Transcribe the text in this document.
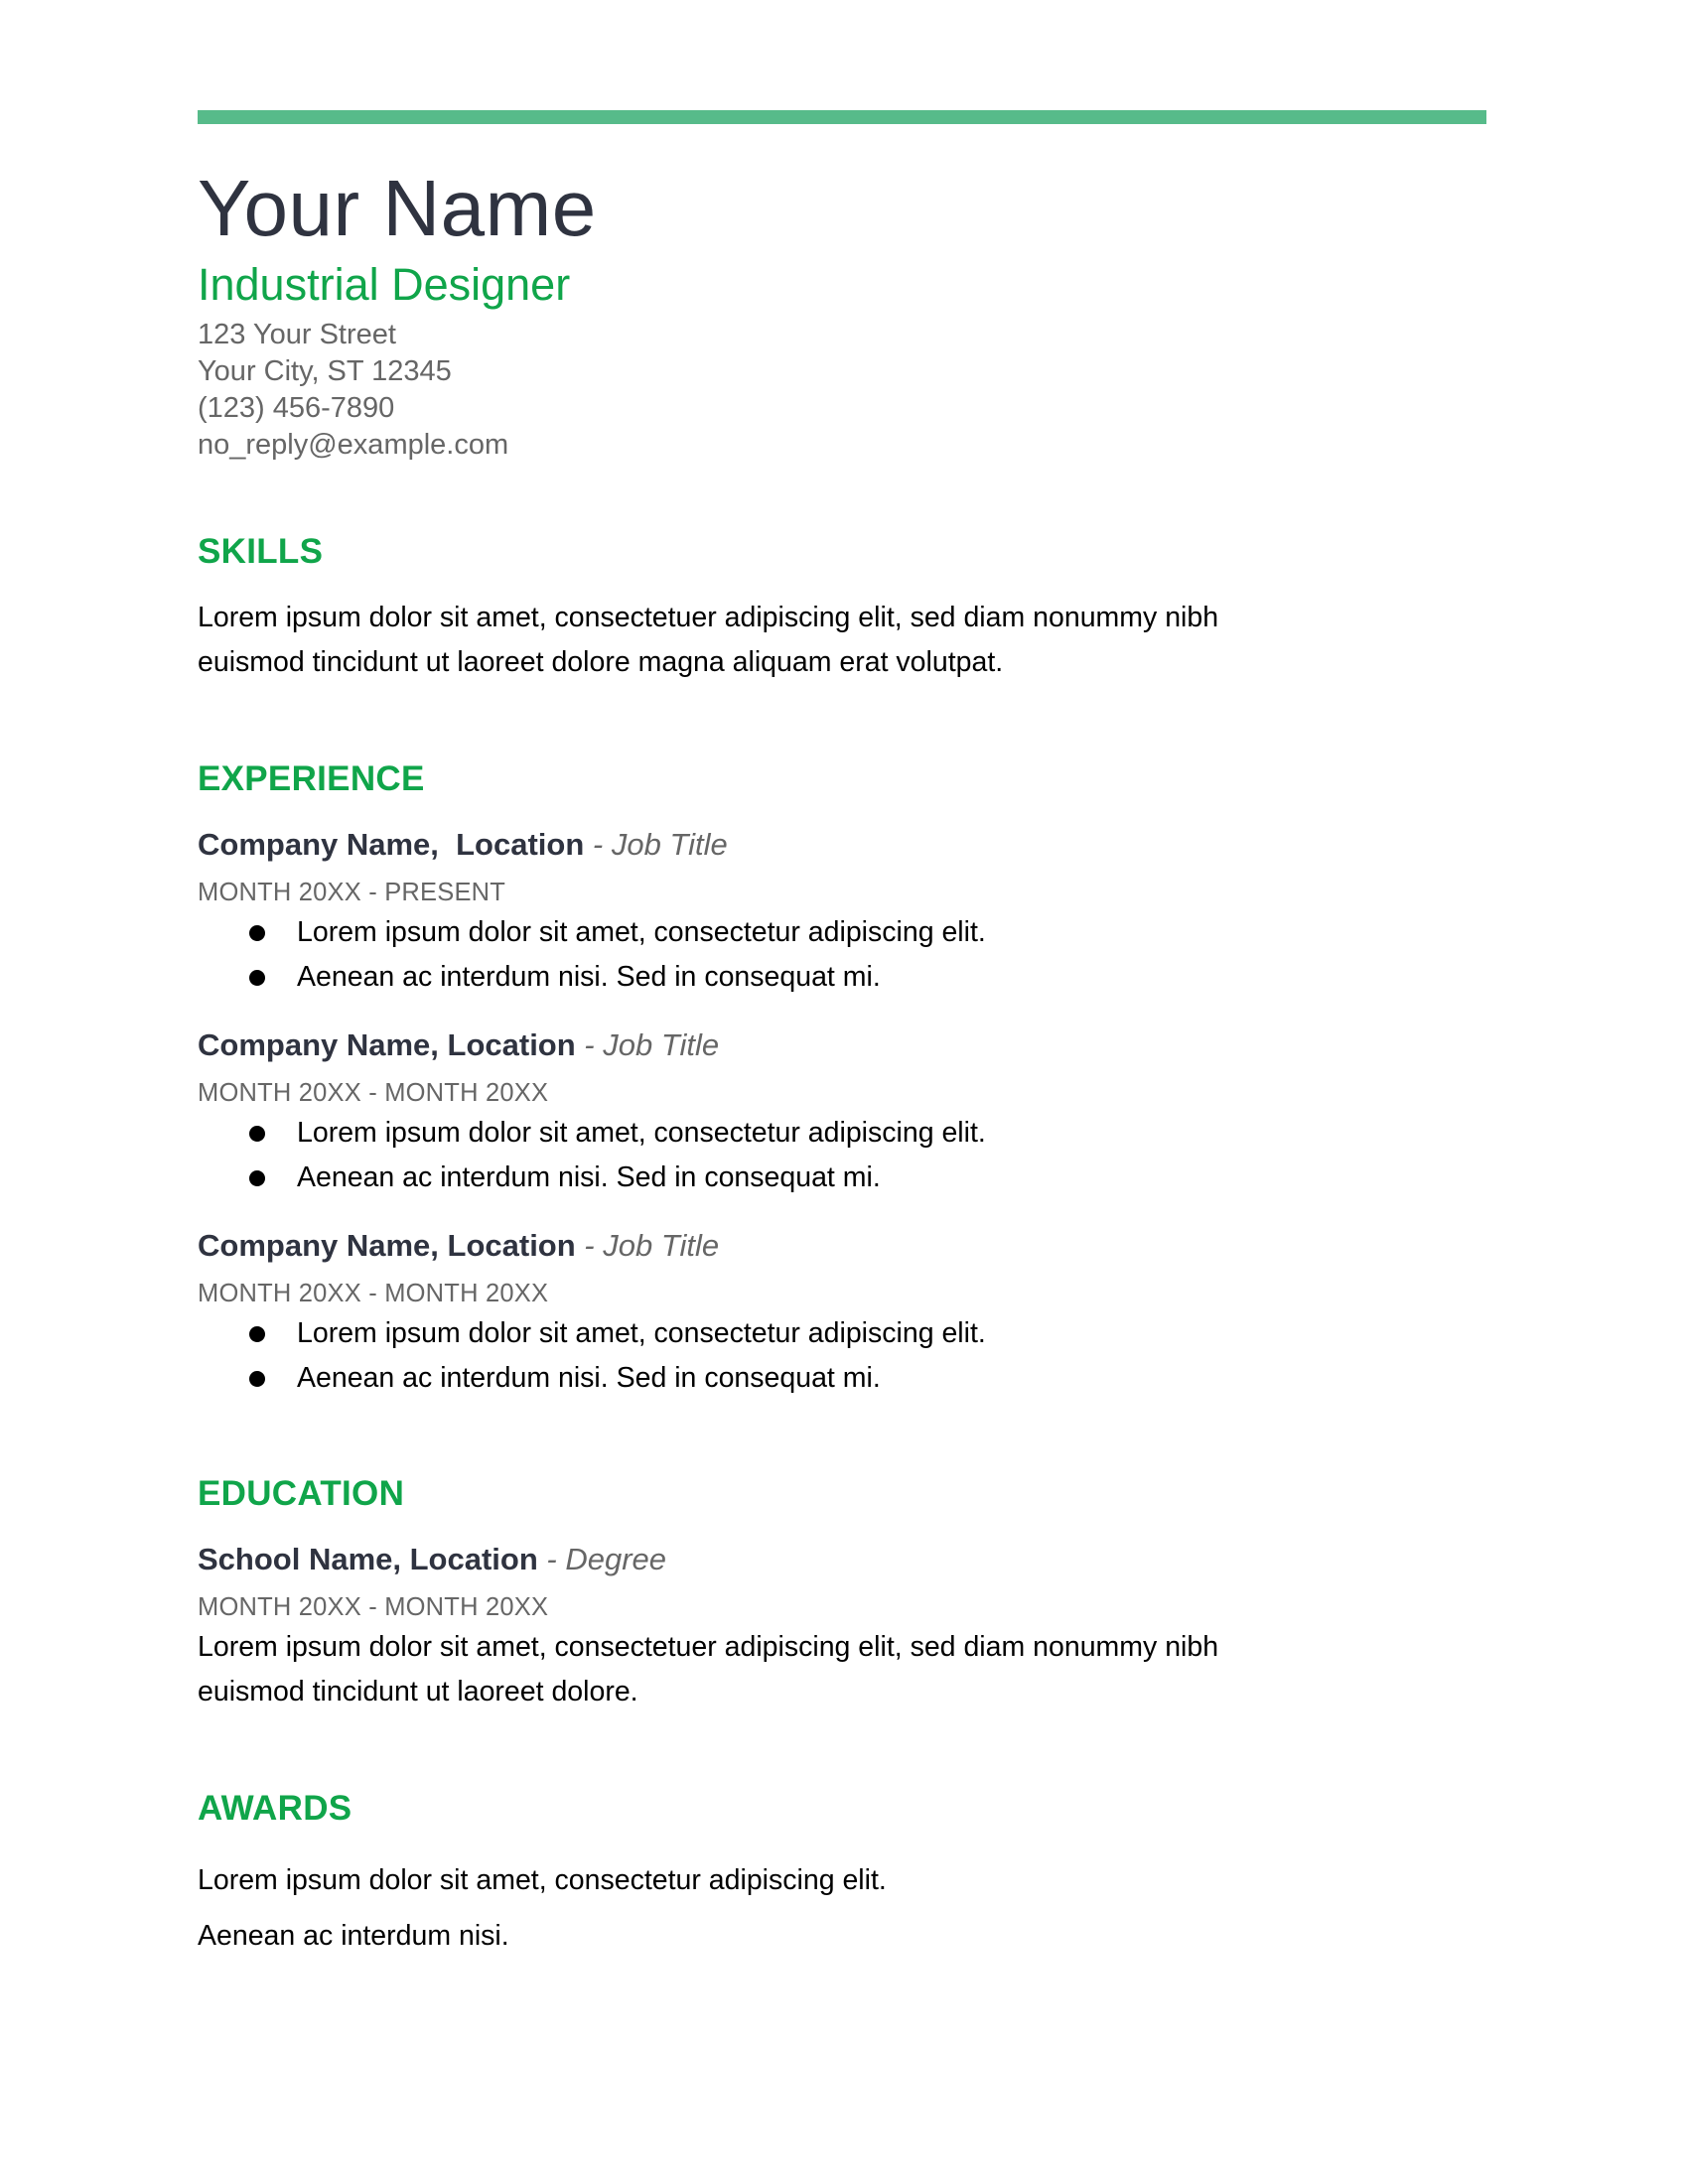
Your Name
Industrial Designer
123 Your Street
Your City, ST 12345
(123) 456-7890
no_reply@example.com
SKILLS
Lorem ipsum dolor sit amet, consectetuer adipiscing elit, sed diam nonummy nibh euismod tincidunt ut laoreet dolore magna aliquam erat volutpat.
EXPERIENCE
Company Name,  Location - Job Title
MONTH 20XX - PRESENT
Lorem ipsum dolor sit amet, consectetur adipiscing elit.
Aenean ac interdum nisi. Sed in consequat mi.
Company Name, Location - Job Title
MONTH 20XX - MONTH 20XX
Lorem ipsum dolor sit amet, consectetur adipiscing elit.
Aenean ac interdum nisi. Sed in consequat mi.
Company Name, Location - Job Title
MONTH 20XX - MONTH 20XX
Lorem ipsum dolor sit amet, consectetur adipiscing elit.
Aenean ac interdum nisi. Sed in consequat mi.
EDUCATION
School Name, Location - Degree
MONTH 20XX - MONTH 20XX
Lorem ipsum dolor sit amet, consectetuer adipiscing elit, sed diam nonummy nibh euismod tincidunt ut laoreet dolore.
AWARDS
Lorem ipsum dolor sit amet, consectetur adipiscing elit.
Aenean ac interdum nisi.
